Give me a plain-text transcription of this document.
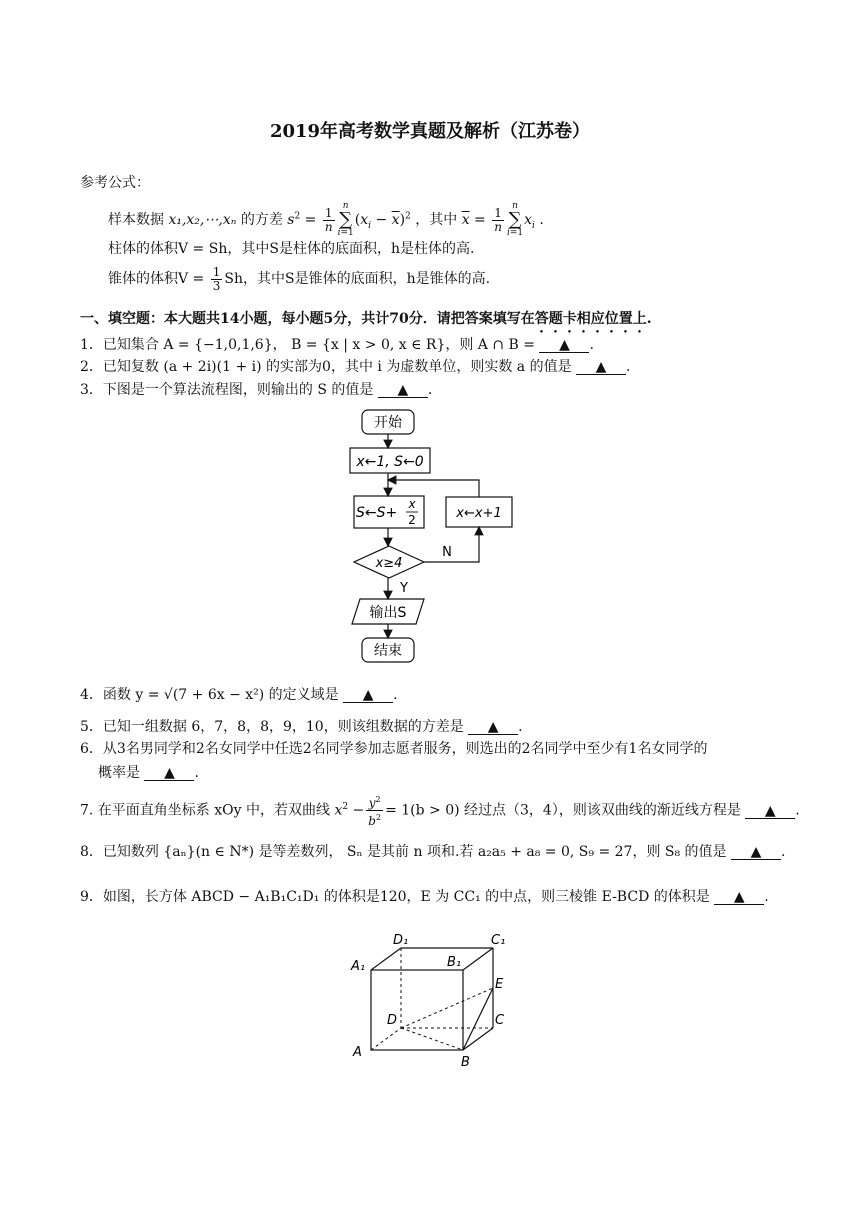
2019年高考数学真题及解析（江苏卷）
参考公式：
样本数据 x₁,x₂,⋯,xₙ 的方差 $s^2 = \frac{1}{n}$
n
∑
$i=1(x_i - \overline{x})^2$ ，其中 $\overline{x} = \frac{1}{n}$
n
∑
$i=1x_i$ .
柱体的体积V = Sh，其中S是柱体的底面积，h是柱体的高.
锥体的体积$V = \frac{1}{3}$ Sh，其中S是锥体的底面积，h是锥体的高.
一、填空题：本大题共14小题，每小题5分，共计70分．请把答案填写在答题卡相应位置上.
1．已知集合 A = {−1,0,1,6}， B = {x | x > 0, x ∈ R}，则 A ∩ B = ▲ .
2．已知复数 (a + 2i)(1 + i) 的实部为0，其中 i 为虚数单位，则实数 a 的值是 ▲ .
3．下图是一个算法流程图，则输出的 S 的值是 ▲ .
开始
x←1, S←0
S←S+
x
2	x←x+1
x≥4
N
Y
输出S
结束
4．函数 y = √(7 + 6x − x²) 的定义域是 ▲ .
5．已知一组数据 6，7，8，8，9，10，则该组数据的方差是 ▲ .
6．从3名男同学和2名女同学中任选2名同学参加志愿者服务，则选出的2名同学中至少有1名女同学的
概率是 ▲ .
7. 在平面直角坐标系 xOy 中，若双曲线 $x^2 - \frac{y^2}{b^2} = 1(b > 0)$ 经过点（3，4），则该双曲线的渐近线方程是 ▲ .
8．已知数列 {aₙ}(n ∈ N*) 是等差数列， Sₙ 是其前 n 项和.若 a₂a₅ + a₈ = 0, S₉ = 27，则 S₈ 的值是 ▲ .
9．如图，长方体 ABCD − A₁B₁C₁D₁ 的体积是120，E 为 CC₁ 的中点，则三棱锥 E-BCD 的体积是 ▲ .
D₁	C₁
A₁	B₁
E
D	C
A
B
